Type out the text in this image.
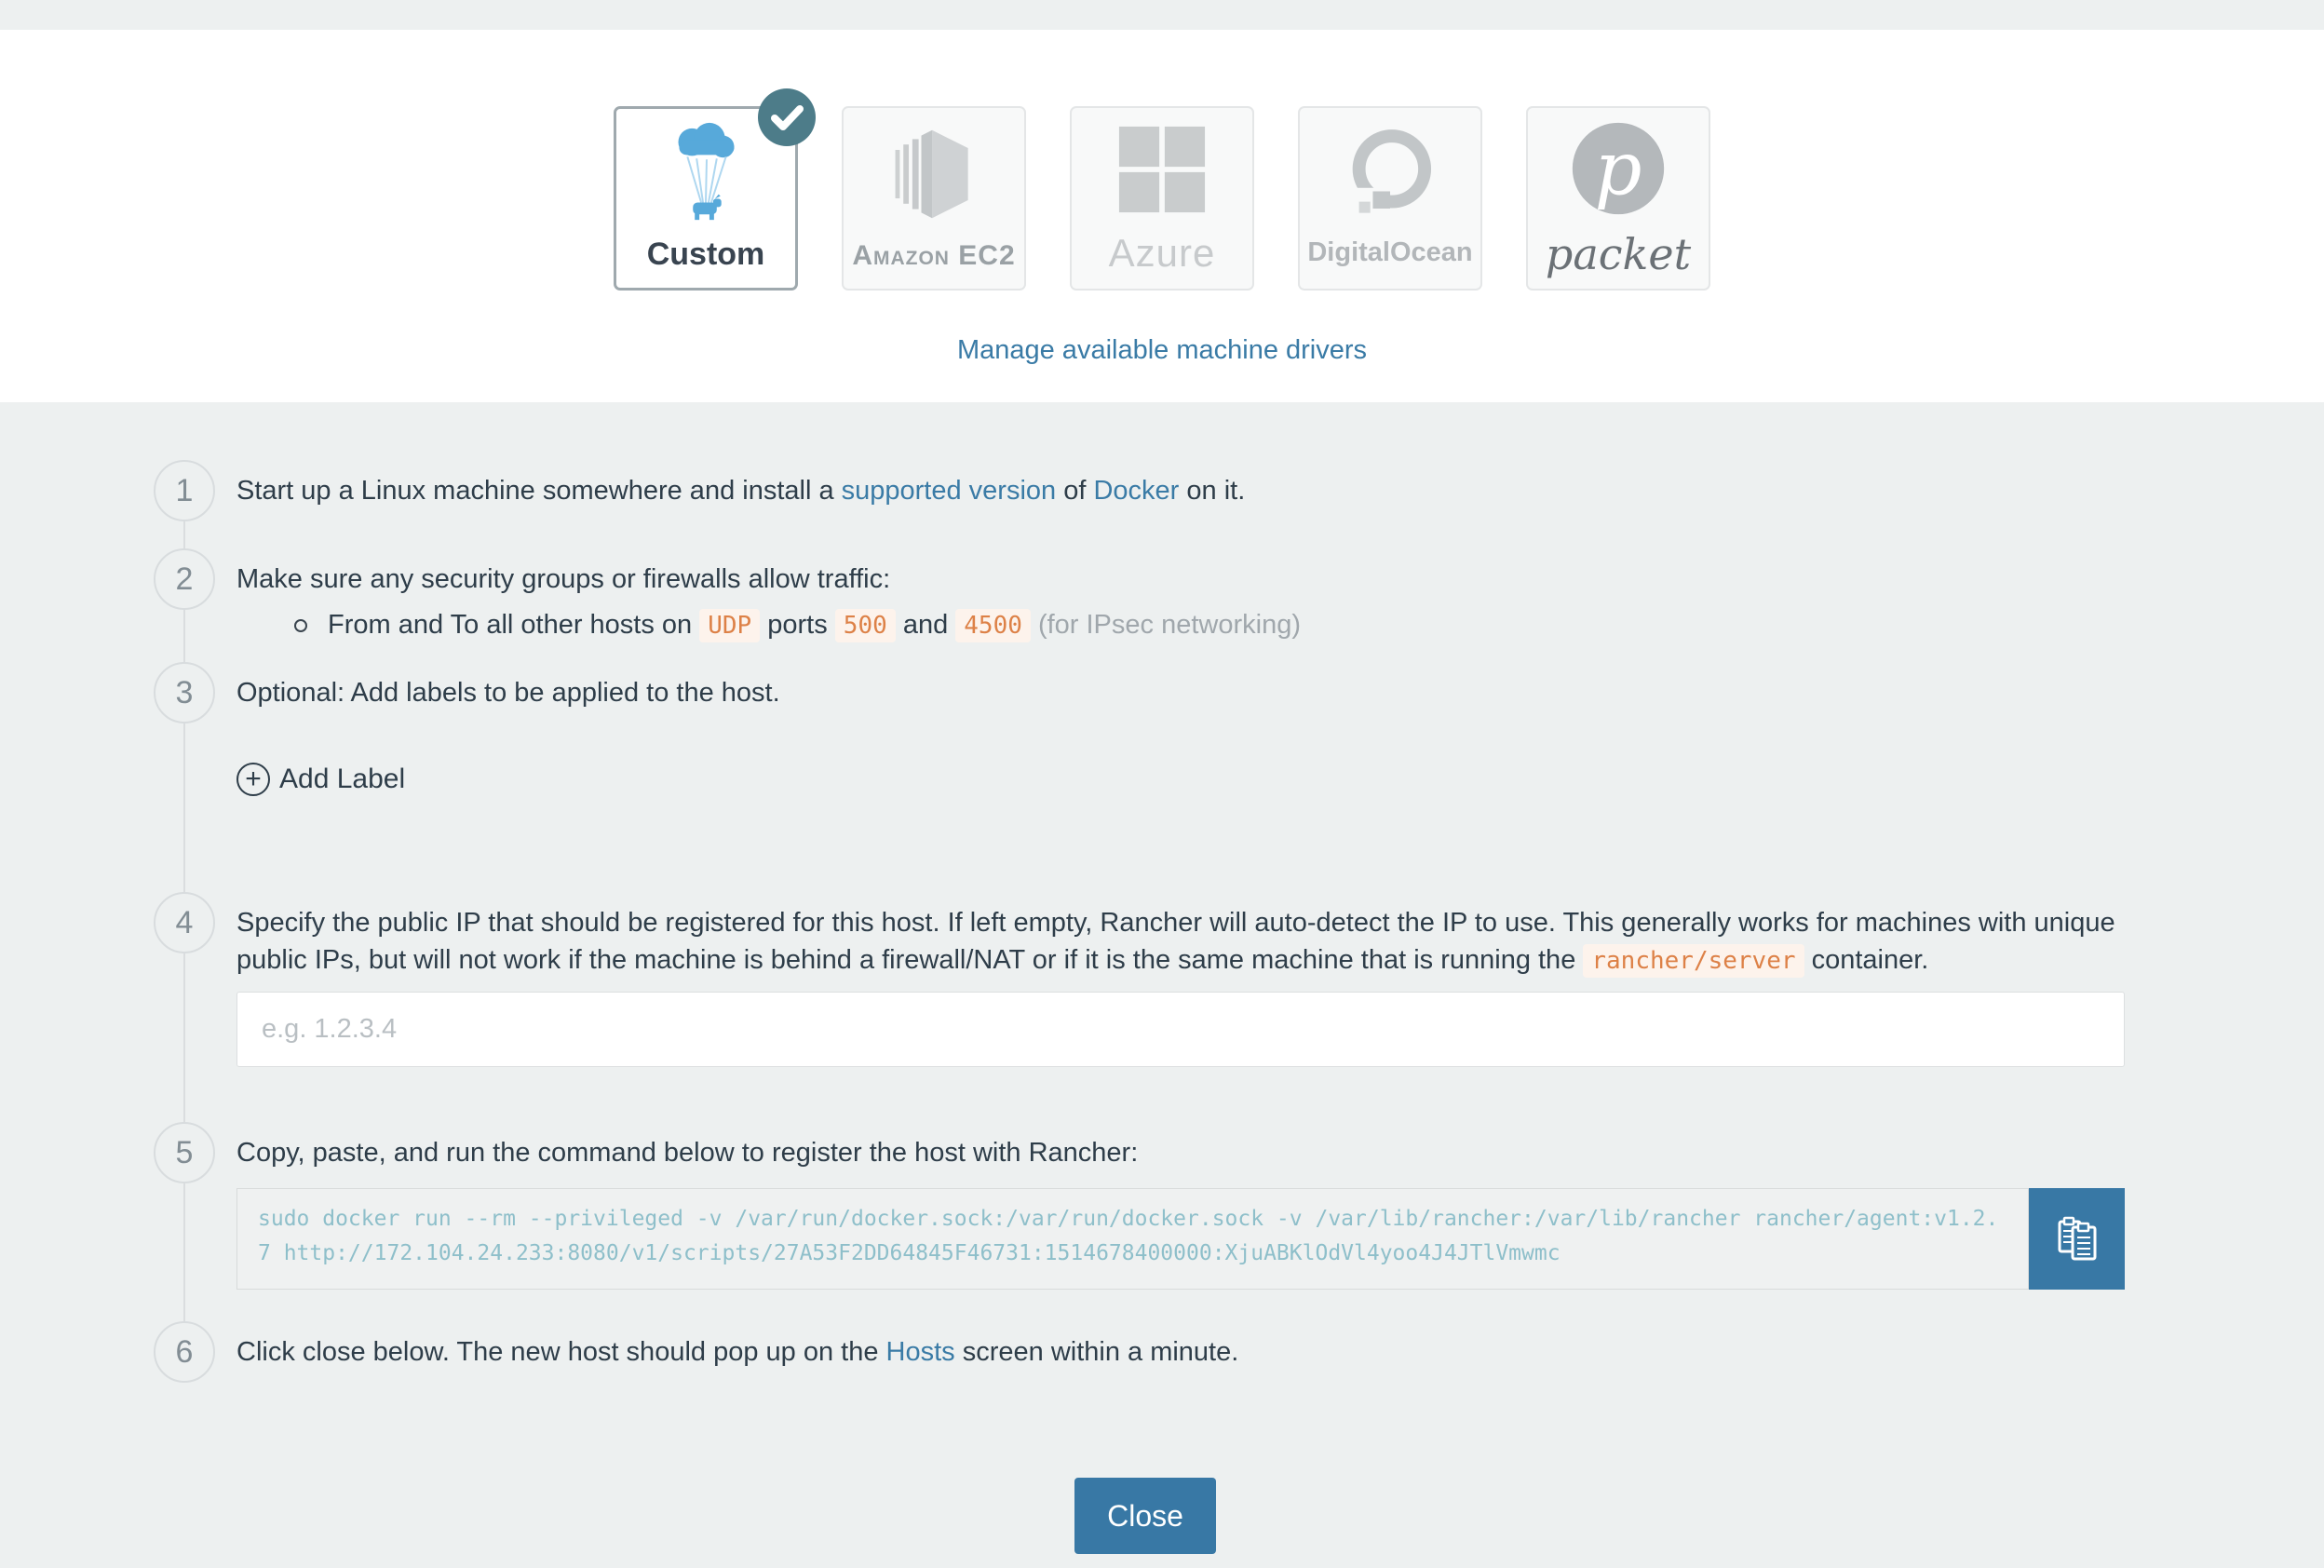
Custom	Amazon EC2 Azure	DigitalOcean
p
packet
Manage available machine drivers
1	Start up a Linux machine somewhere and install a supported version of Docker on it.

2	Make sure any security groups or firewalls allow traffic:

From and To all other hosts on UDP ports 500 and 4500 (for IPsec networking)

3	Optional: Add labels to be applied to the host.

+ Add Label
4	Specify the public IP that should be registered for this host. If left empty, Rancher will auto-detect the IP to use. This generally works for machines with unique public IPs, but will not work if the machine is behind a firewall/NAT or if it is the same machine that is running the rancher/server container.

e.g. 1.2.3.4
5	Copy, paste, and run the command below to register the host with Rancher:

sudo docker run --rm --privileged -v /var/run/docker.sock:/var/run/docker.sock -v /var/lib/rancher:/var/lib/rancher rancher/agent:v1.2.7 http://172.104.24.233:8080/v1/scripts/27A53F2DD64845F46731:1514678400000:XjuABKlOdVl4yoo4J4JTlVmwmc
6	Click close below. The new host should pop up on the Hosts screen within a minute.

Close
